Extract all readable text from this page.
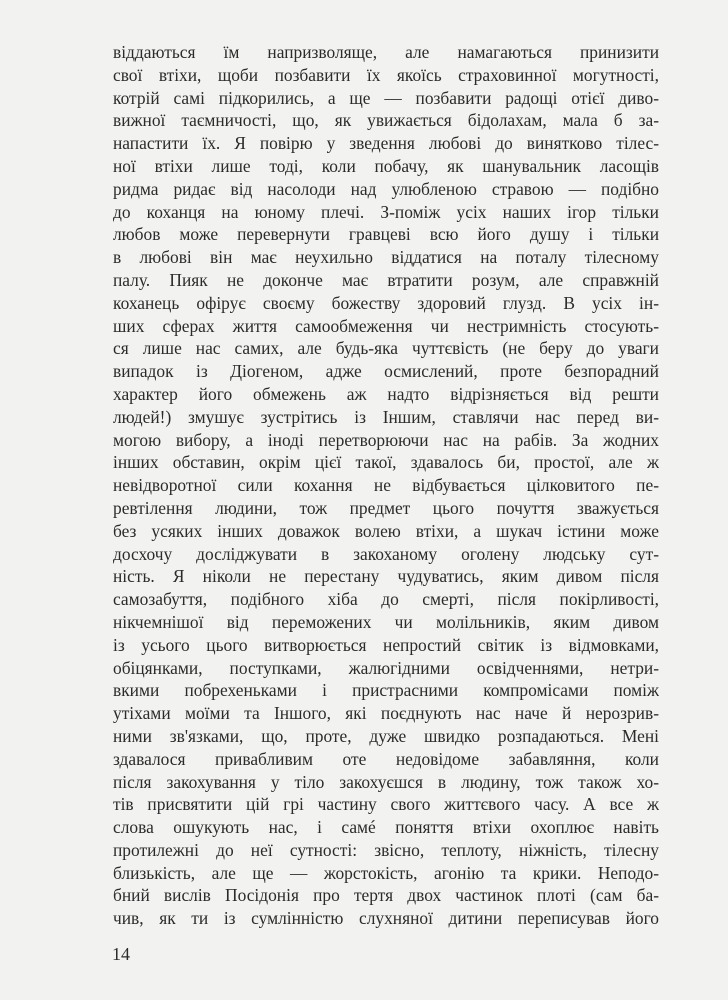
віддаються їм напризволяще, але намагаються принизити
свої втіхи, щоби позбавити їх якоїсь страховинної могутності,
котрій самі підкорились, а ще — позбавити радощі отієї диво-
вижної таємничості, що, як увижається бідолахам, мала б за-
напастити їх. Я повірю у зведення любові до винятково тілес-
ної втіхи лише тоді, коли побачу, як шанувальник ласощів
ридма ридає від насолоди над улюбленою стравою — подібно
до коханця на юному плечі. З-поміж усіх наших ігор тільки
любов може перевернути гравцеві всю його душу і тільки
в любові він має неухильно віддатися на поталу тілесному
палу. Пияк не доконче має втратити розум, але справжній
коханець офірує своєму божеству здоровий глузд. В усіх ін-
ших сферах життя самообмеження чи нестримність стосують-
ся лише нас самих, але будь-яка чуттєвість (не беру до уваги
випадок із Діогеном, адже осмислений, проте безпорадний
характер його обмежень аж надто відрізняється від решти
людей!) змушує зустрітись із Іншим, ставлячи нас перед ви-
могою вибору, а іноді перетворюючи нас на рабів. За жодних
інших обставин, окрім цієї такої, здавалось би, простої, але ж
невідворотної сили кохання не відбувається цілковитого пе-
ревтілення людини, тож предмет цього почуття зважується
без усяких інших доважок волею втіхи, а шукач істини може
досхочу досліджувати в закоханому оголену людську сут-
ність. Я ніколи не перестану чудуватись, яким дивом після
самозабуття, подібного хіба до смерті, після покірливості,
нікчемнішої від переможених чи молільників, яким дивом
із усього цього витворюється непростий світик із відмовками,
обіцянками, поступками, жалюгідними освідченнями, нетри-
вкими побрехеньками і пристрасними компромісами поміж
утіхами моїми та Іншого, які поєднують нас наче й нерозрив-
ними зв'язками, що, проте, дуже швидко розпадаються. Мені
здавалося привабливим оте недовідоме забавляння, коли
після закохування у тіло закохуєшся в людину, тож також хо-
тів присвятити цій грі частину свого життєвого часу. А все ж
слова ошукують нас, і самé поняття втіхи охоплює навіть
протилежні до неї сутності: звісно, теплоту, ніжність, тілесну
близькість, але ще — жорстокість, агонію та крики. Неподо-
бний вислів Посідонія про тертя двох частинок плоті (сам ба-
чив, як ти із сумлінністю слухняної дитини переписував його
14
